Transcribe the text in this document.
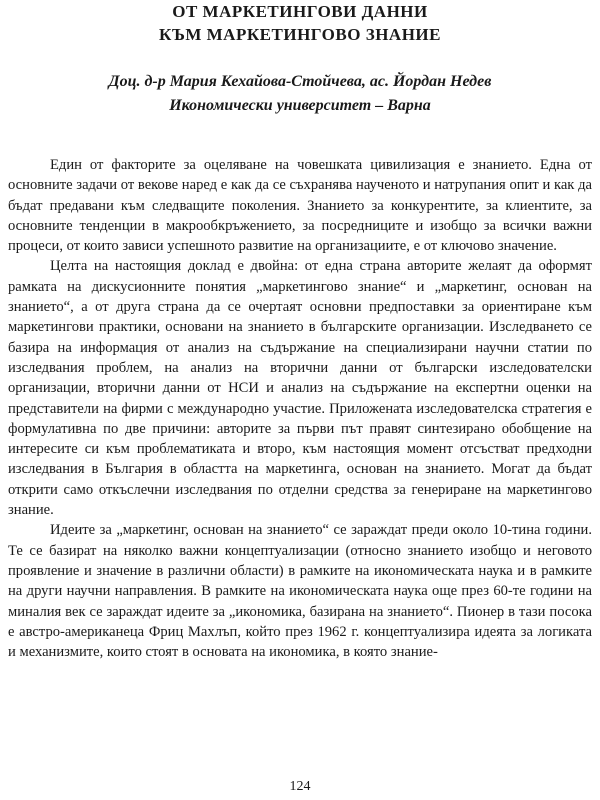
ОТ МАРКЕТИНГОВИ ДАННИ

КЪМ МАРКЕТИНГОВО ЗНАНИЕ

Доц. д-р Мария Кехайова-Стойчева, ас. Йордан Недев
Икономически университет – Варна

Един от факторите за оцеляване на човешката цивилизация е знанието. Една от основните задачи от векове наред е как да се съхранява наученото и натрупания опит и как да бъдат предавани към следващите поколения. Знанието за конкурентите, за клиентите, за основните тенденции в макрообкръжението, за посредниците и изобщо за всички важни процеси, от които зависи успешното развитие на организациите, е от ключово значение.

Целта на настоящия доклад е двойна: от една страна авторите желаят да оформят рамката на дискусионните понятия „маркетингово знание“ и „маркетинг, основан на знанието“, а от друга страна да се очертаят основни предпоставки за ориентиране към маркетингови практики, основани на знанието в българските организации. Изследването се базира на информация от анализ на съдържание на специализирани научни статии по изследвания проблем, на анализ на вторични данни от български изследователски организации, вторични данни от НСИ и анализ на съдържание на експертни оценки на представители на фирми с международно участие. Приложената изследователска стратегия е формулативна по две причини: авторите за първи път правят синтезирано обобщение на интересите си към проблематиката и второ, към настоящия момент отсъстват предходни изследвания в България в областта на маркетинга, основан на знанието. Могат да бъдат открити само откъслечни изследвания по отделни средства за генериране на маркетингово знание.

Идеите за „маркетинг, основан на знанието“ се зараждат преди около 10-тина години. Те се базират на няколко важни концептуализации (относно знанието изобщо и неговото проявление и значение в различни области) в рамките на икономическата наука и в рамките на други научни направления. В рамките на икономическата наука още през 60-те години на миналия век се зараждат идеите за „икономика, базирана на знанието“. Пионер в тази посока е австро-американеца Фриц Махлъп, който през 1962 г. концептуализира идеята за логиката и механизмите, които стоят в основата на икономика, в която знание-

124
